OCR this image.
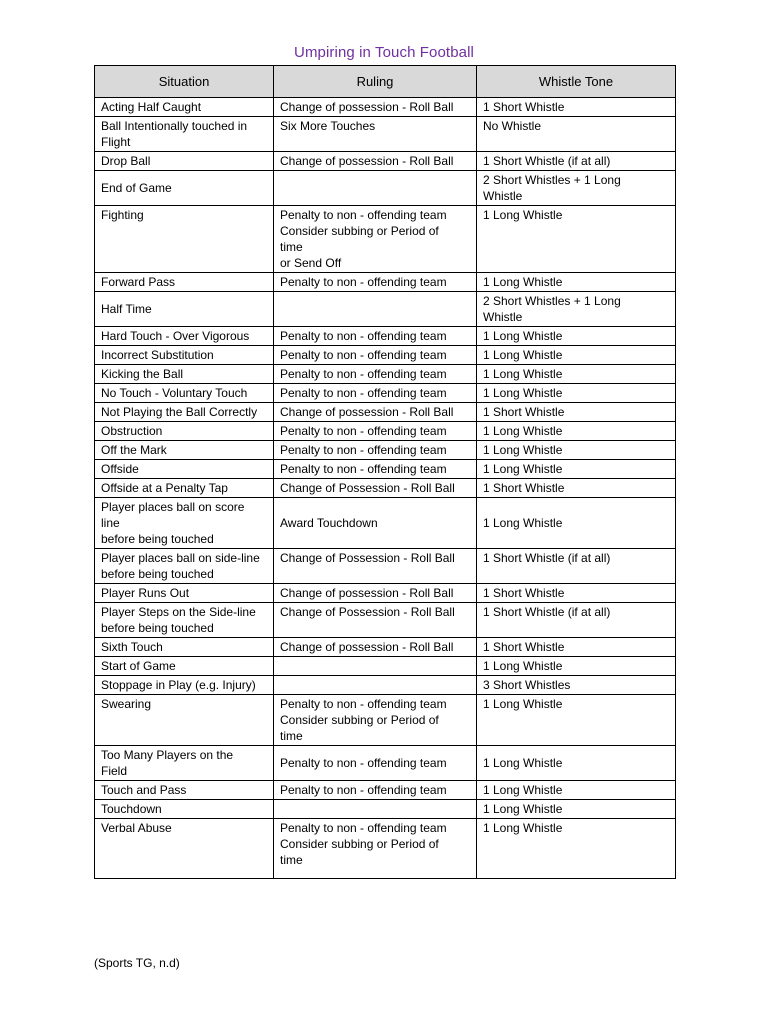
Umpiring in Touch Football
Situation	Ruling	Whistle Tone

Acting Half Caught	Change of possession - Roll Ball	1 Short Whistle

Ball Intentionally touched in
Flight	Six More Touches	No Whistle

Drop Ball	Change of possession - Roll Ball	1 Short Whistle (if at all)

End of Game		2 Short Whistles + 1 Long
Whistle

Fighting	Penalty to non - offending team
Consider subbing or Period of
time
or Send Off	1 Long Whistle

Forward Pass	Penalty to non - offending team	1 Long Whistle

Half Time		2 Short Whistles + 1 Long
Whistle

Hard Touch - Over Vigorous	Penalty to non - offending team	1 Long Whistle

Incorrect Substitution	Penalty to non - offending team	1 Long Whistle

Kicking the Ball	Penalty to non - offending team	1 Long Whistle

No Touch - Voluntary Touch	Penalty to non - offending team	1 Long Whistle

Not Playing the Ball Correctly	Change of possession - Roll Ball	1 Short Whistle

Obstruction	Penalty to non - offending team	1 Long Whistle

Off the Mark	Penalty to non - offending team	1 Long Whistle

Offside	Penalty to non - offending team	1 Long Whistle

Offside at a Penalty Tap	Change of Possession - Roll Ball	1 Short Whistle

Player places ball on score
line
before being touched	Award Touchdown	1 Long Whistle

Player places ball on side-line
before being touched	Change of Possession - Roll Ball	1 Short Whistle (if at all)

Player Runs Out	Change of possession - Roll Ball	1 Short Whistle

Player Steps on the Side-line
before being touched	Change of Possession - Roll Ball	1 Short Whistle (if at all)

Sixth Touch	Change of possession - Roll Ball	1 Short Whistle

Start of Game		1 Long Whistle

Stoppage in Play (e.g. Injury)		3 Short Whistles

Swearing	Penalty to non - offending team
Consider subbing or Period of
time	1 Long Whistle

Too Many Players on the
Field	Penalty to non - offending team	1 Long Whistle

Touch and Pass	Penalty to non - offending team	1 Long Whistle

Touchdown		1 Long Whistle

Verbal Abuse	Penalty to non - offending team
Consider subbing or Period of
time	1 Long Whistle
(Sports TG, n.d)
